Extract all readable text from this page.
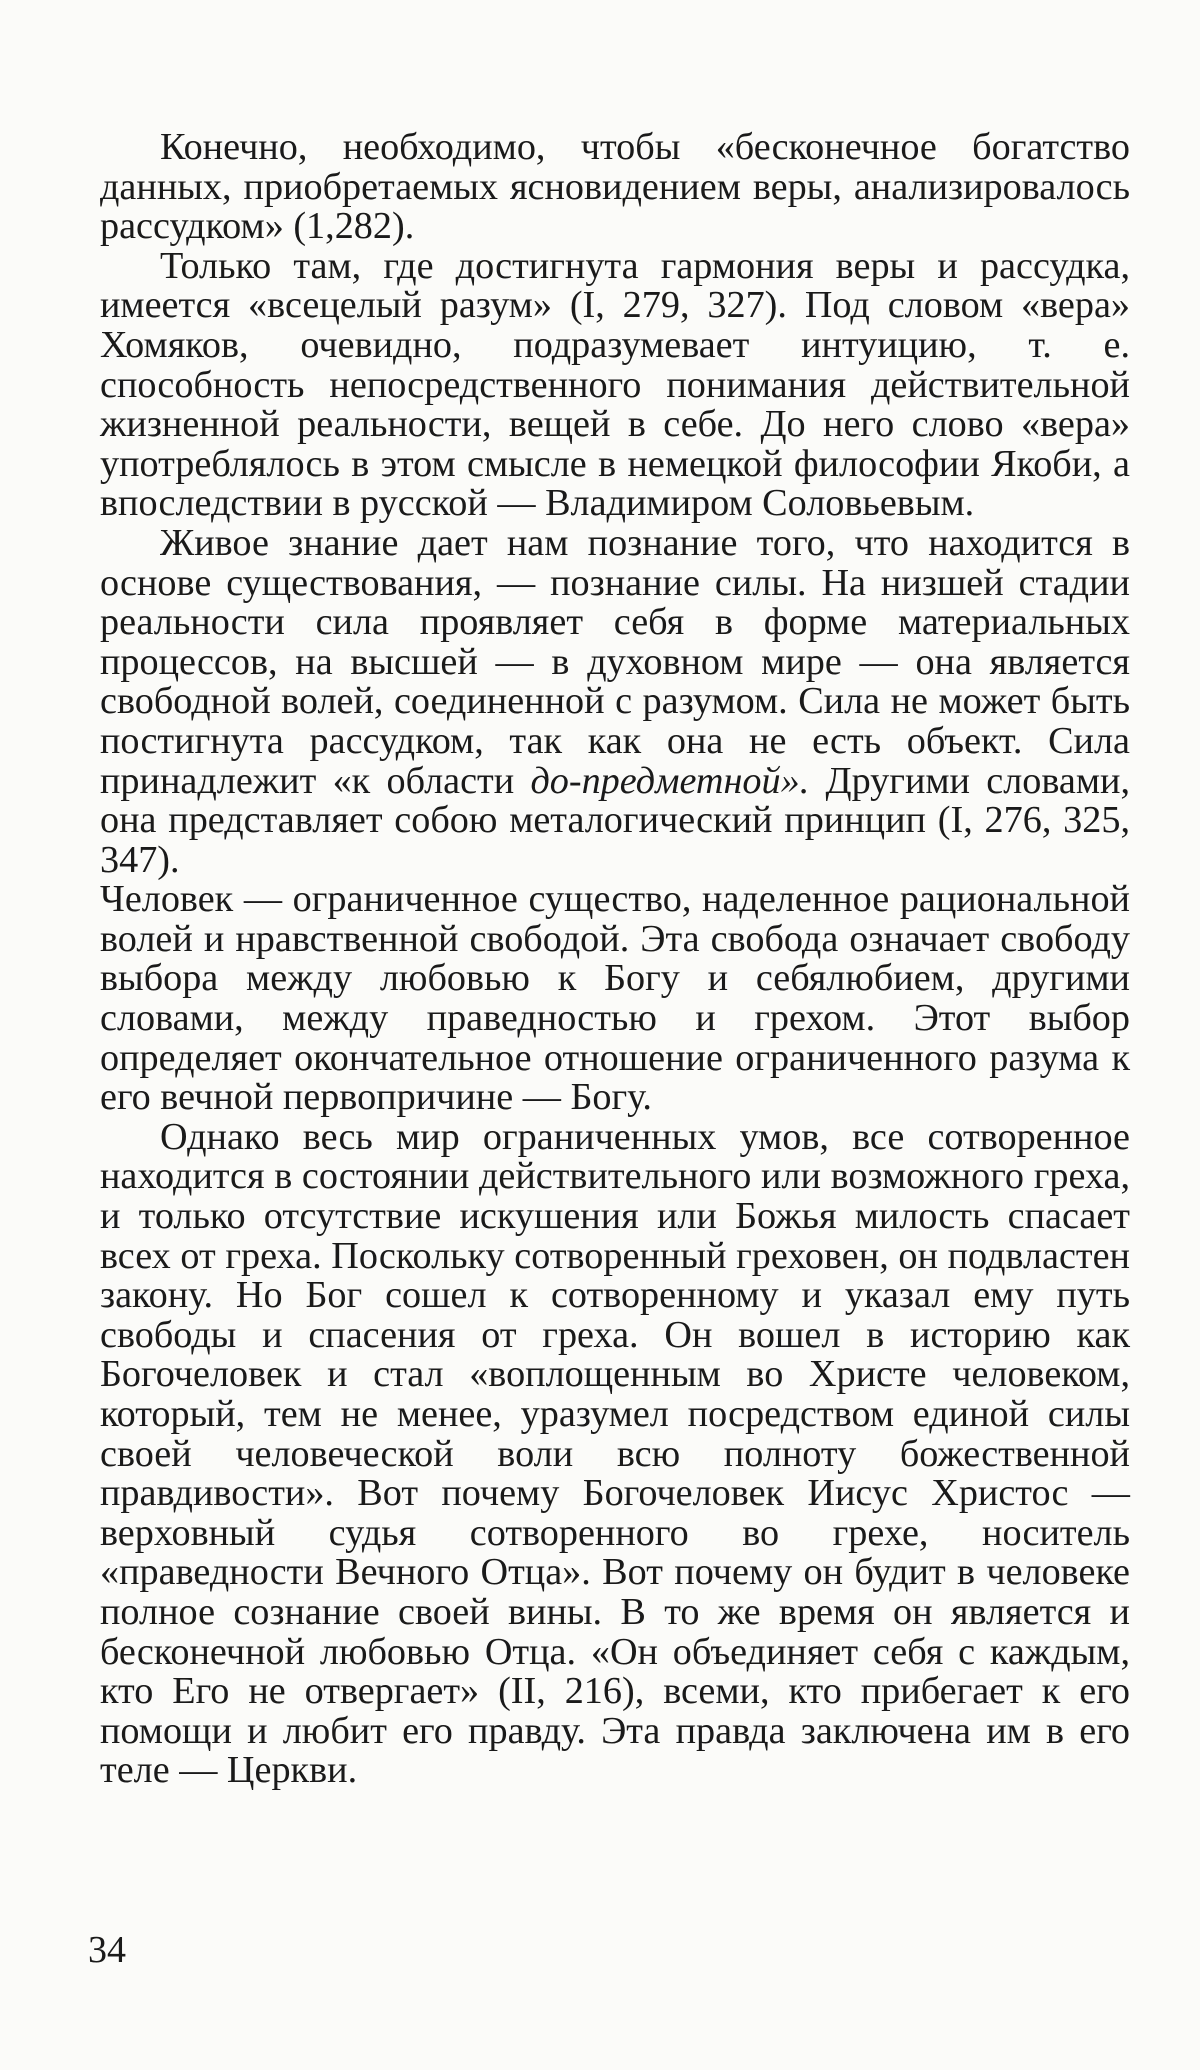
Конечно, необходимо, чтобы «бесконечное богатство данных, приобретаемых ясновидением веры, анализировалось рассудком» (1,282).

Только там, где достигнута гармония веры и рассудка, имеется «всецелый разум» (I, 279, 327). Под словом «вера» Хомяков, очевидно, подразумевает интуицию, т. е. способность непосредственного понимания действительной жизненной реальности, вещей в себе. До него слово «вера» употреблялось в этом смысле в немецкой философии Якоби, а впоследствии в русской — Владимиром Соловьевым.

Живое знание дает нам познание того, что находится в основе существования, — познание силы. На низшей стадии реальности сила проявляет себя в форме материальных процессов, на высшей — в духовном мире — она является свободной волей, соединенной с разумом. Сила не может быть постигнута рассудком, так как она не есть объект. Сила принадлежит «к области до-предметной». Другими словами, она представляет собою металогический принцип (I, 276, 325, 347).

Человек — ограниченное существо, наделенное рациональной волей и нравственной свободой. Эта свобода означает свободу выбора между любовью к Богу и себялюбием, другими словами, между праведностью и грехом. Этот выбор определяет окончательное отношение ограниченного разума к его вечной первопричине — Богу.

Однако весь мир ограниченных умов, все сотворенное находится в состоянии действительного или возможного греха, и только отсутствие искушения или Божья милость спасает всех от греха. Поскольку сотворенный греховен, он подвластен закону. Но Бог сошел к сотворенному и указал ему путь свободы и спасения от греха. Он вошел в историю как Богочеловек и стал «воплощенным во Христе человеком, который, тем не менее, уразумел посредством единой силы своей человеческой воли всю полноту божественной правдивости». Вот почему Богочеловек Иисус Христос — верховный судья сотворенного во грехе, носитель «праведности Вечного Отца». Вот почему он будит в человеке полное сознание своей вины. В то же время он является и бесконечной любовью Отца. «Он объединяет себя с каждым, кто Его не отвергает» (II, 216), всеми, кто прибегает к его помощи и любит его правду. Эта правда заключена им в его теле — Церкви.

34
